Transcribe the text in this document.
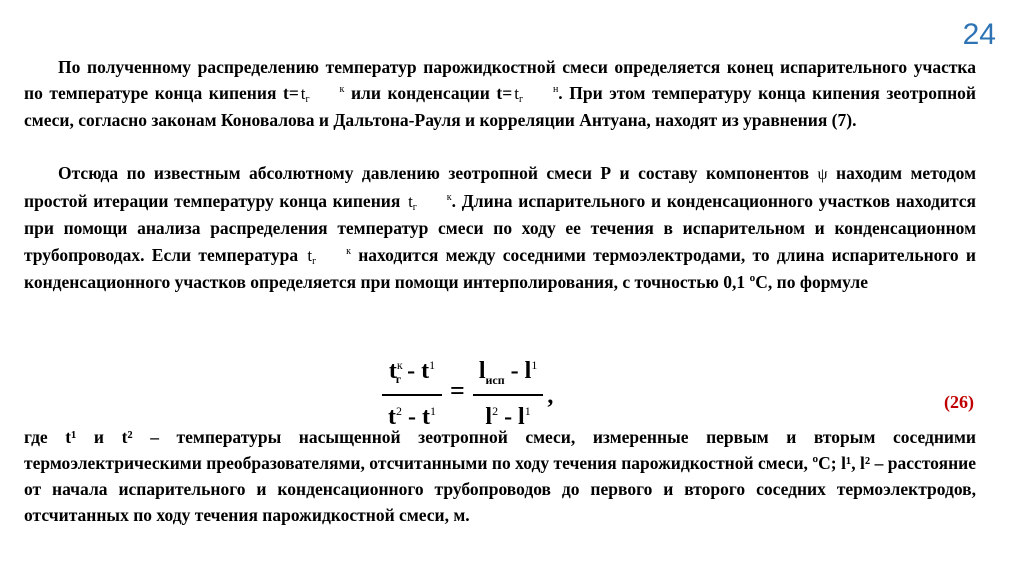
24

По полученному распределению температур парожидкостной смеси определяется конец испарительного участка по температуре конца кипения t= t	к
г или конденсации t= t	н
г . При этом температуру конца кипения зеотропной смеси, согласно законам Коновалова и Дальтона-Рауля и корреляции Антуана, находят из уравнения (7).

Отсюда по известным абсолютному давлению зеотропной смеси Р и составу компонентов ψ находим методом простой итерации температуру конца кипения t	к
г . Длина испарительного и конденсационного участков находится при помощи анализа распределения температур смеси по ходу ее течения в испарительном и конденсационном трубопроводах. Если температура t	к
г находится между соседними термоэлектродами, то длина испарительного и конденсационного участков определяется при помощи интерполирования, с точностью 0,1 ºС, по формуле

$\frac{t^к_г - t^1}{t^2 - t^1} = \frac{l_{исп} - l^1}{l^2 - l^1}$ ,	(26)

где t¹ и t² – температуры насыщенной зеотропной смеси, измеренные первым и вторым соседними термоэлектрическими преобразователями, отсчитанными по ходу течения парожидкостной смеси, ºС; l¹, l² – расстояние от начала испарительного и конденсационного трубопроводов до первого и второго соседних термоэлектродов, отсчитанных по ходу течения парожидкостной смеси, м.
